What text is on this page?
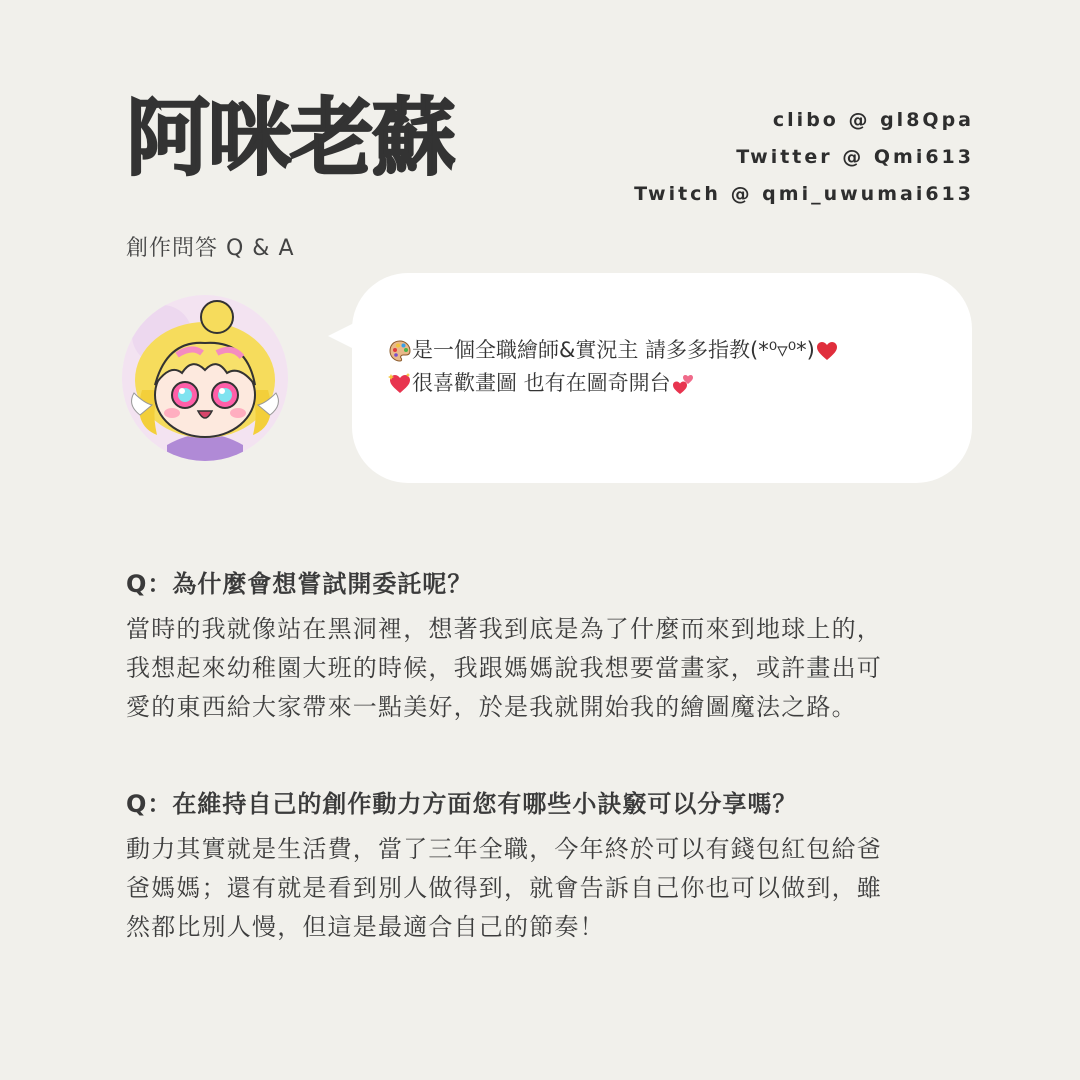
阿咪老蘇	clibo @ gl8Qpa
Twitter @ Qmi613
Twitch @ qmi_uwumai613
創作問答 Q & A
是一個全職繪師&實況主 請多多指教(*⁰▿⁰*)
很喜歡畫圖 也有在圖奇開台
Q：為什麼會想嘗試開委託呢？
當時的我就像站在黑洞裡，想著我到底是為了什麼而來到地球上的，
我想起來幼稚園大班的時候，我跟媽媽說我想要當畫家，或許畫出可
愛的東西給大家帶來一點美好，於是我就開始我的繪圖魔法之路。
Q：在維持自己的創作動力方面您有哪些小訣竅可以分享嗎？
動力其實就是生活費，當了三年全職，今年終於可以有錢包紅包給爸
爸媽媽；還有就是看到別人做得到，就會告訴自己你也可以做到，雖
然都比別人慢，但這是最適合自己的節奏！
